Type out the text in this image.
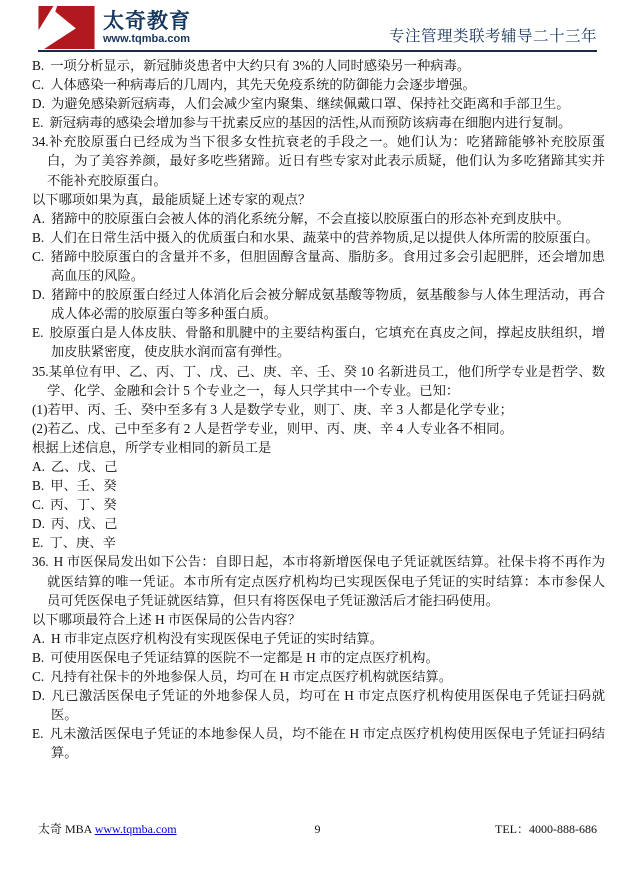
太奇教育
www.tqmba.com	专注管理类联考辅导二十三年

B. 一项分析显示，新冠肺炎患者中大约只有 3%的人同时感染另一种病毒。

C. 人体感染一种病毒后的几周内，其先天免疫系统的防御能力会逐步增强。

D. 为避免感染新冠病毒，人们会减少室内聚集、继续佩戴口罩、保持社交距离和手部卫生。

E. 新冠病毒的感染会增加参与干扰素反应的基因的活性,从而预防该病毒在细胞内进行复制。

34.补充胶原蛋白已经成为当下很多女性抗衰老的手段之一。她们认为：吃猪蹄能够补充胶原蛋白，为了美容养颜，最好多吃些猪蹄。近日有些专家对此表示质疑，他们认为多吃猪蹄其实并不能补充胶原蛋白。

以下哪项如果为真，最能质疑上述专家的观点？

A. 猪蹄中的胶原蛋白会被人体的消化系统分解，不会直接以胶原蛋白的形态补充到皮肤中。

B. 人们在日常生活中摄入的优质蛋白和水果、蔬菜中的营养物质,足以提供人体所需的胶原蛋白。

C. 猪蹄中胶原蛋白的含量并不多，但胆固醇含量高、脂肪多。食用过多会引起肥胖，还会增加患高血压的风险。

D. 猪蹄中的胶原蛋白经过人体消化后会被分解成氨基酸等物质，氨基酸参与人体生理活动，再合成人体必需的胶原蛋白等多种蛋白质。

E. 胶原蛋白是人体皮肤、骨骼和肌腱中的主要结构蛋白，它填充在真皮之间，撑起皮肤组织，增加皮肤紧密度，使皮肤水润而富有弹性。

35.某单位有甲、乙、丙、丁、戊、己、庚、辛、壬、癸 10 名新进员工，他们所学专业是哲学、数学、化学、金融和会计 5 个专业之一，每人只学其中一个专业。已知：

(1)若甲、丙、壬、癸中至多有 3 人是数学专业，则丁、庚、辛 3 人都是化学专业；

(2)若乙、戊、己中至多有 2 人是哲学专业，则甲、丙、庚、辛 4 人专业各不相同。

根据上述信息，所学专业相同的新员工是

A. 乙、戊、己

B. 甲、壬、癸

C. 丙、丁、癸

D. 丙、戊、己

E. 丁、庚、辛

36. H 市医保局发出如下公告：自即日起，本市将新增医保电子凭证就医结算。社保卡将不再作为就医结算的唯一凭证。本市所有定点医疗机构均已实现医保电子凭证的实时结算：本市参保人员可凭医保电子凭证就医结算，但只有将医保电子凭证激活后才能扫码使用。

以下哪项最符合上述 H 市医保局的公告内容？

A. H 市非定点医疗机构没有实现医保电子凭证的实时结算。

B. 可使用医保电子凭证结算的医院不一定都是 H 市的定点医疗机构。

C. 凡持有社保卡的外地参保人员，均可在 H 市定点医疗机构就医结算。

D. 凡已激活医保电子凭证的外地参保人员，均可在 H 市定点医疗机构使用医保电子凭证扫码就医。

E. 凡未激活医保电子凭证的本地参保人员，均不能在 H 市定点医疗机构使用医保电子凭证扫码结算。

太奇 MBA www.tqmba.com	9	TEL：4000-888-686
